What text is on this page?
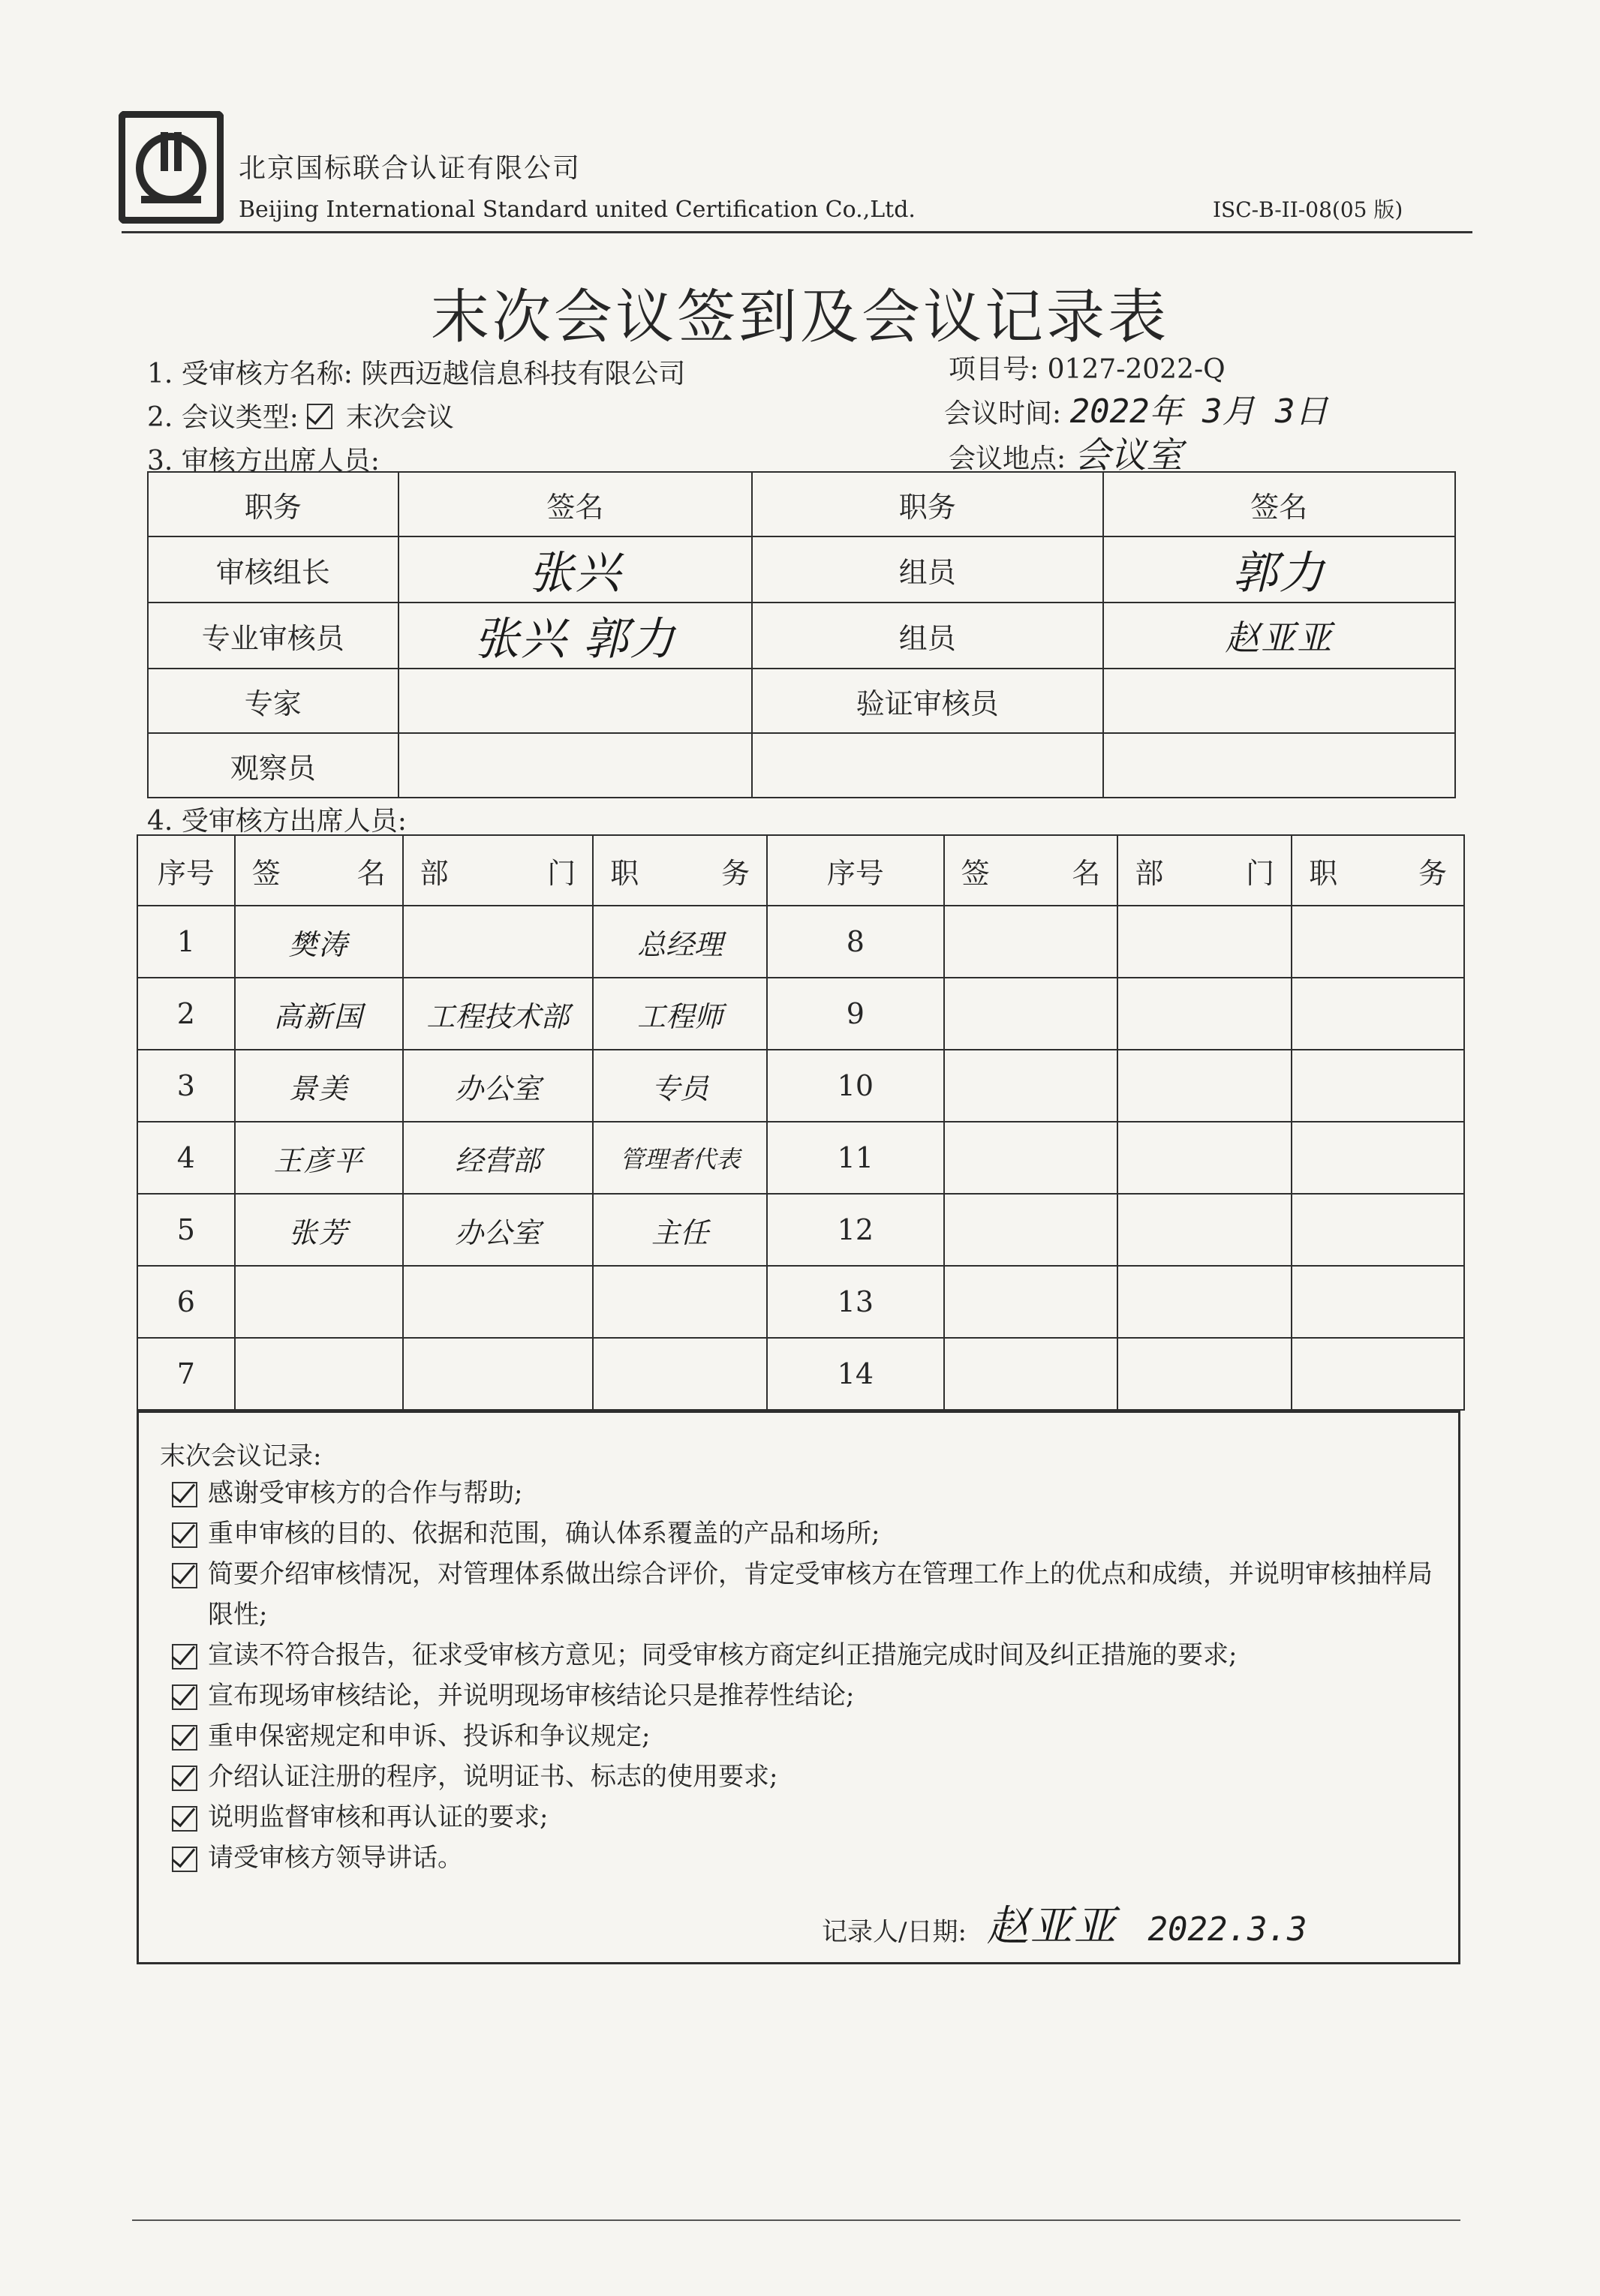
北京国标联合认证有限公司
Beijing International Standard united Certification Co.,Ltd.	ISC-B-II-08(05 版)
末次会议签到及会议记录表
1. 受审核方名称: 陕西迈越信息科技有限公司
2. 会议类型: 末次会议
3. 审核方出席人员:
项目号: 0127-2022-Q
会议时间: 2022年 3月 3日
会议地点: 会议室
职务	签名	职务	签名
审核组长	张兴	组员	郭力
专业审核员	张兴 郭力	组员	赵亚亚
专家		验证审核员	
观察员			
4. 受审核方出席人员:
序号	签 名	部 门	职 务	序号	签 名	部 门	职 务

1	樊涛		总经理	8			
2	高新国	工程技术部	工程师	9			
3	景美	办公室	专员	10			
4	王彦平	经营部	管理者代表	11			
5	张芳	办公室	主任	12			
6				13			
7				14			
末次会议记录:
感谢受审核方的合作与帮助;
重申审核的目的、依据和范围，确认体系覆盖的产品和场所;
简要介绍审核情况，对管理体系做出综合评价，肯定受审核方在管理工作上的优点和成绩，并说明审核抽样局限性;
宣读不符合报告，征求受审核方意见；同受审核方商定纠正措施完成时间及纠正措施的要求;
宣布现场审核结论，并说明现场审核结论只是推荐性结论;
重申保密规定和申诉、投诉和争议规定;
介绍认证注册的程序，说明证书、标志的使用要求;
说明监督审核和再认证的要求;
请受审核方领导讲话。
记录人/日期: 赵亚亚 2022.3.3
